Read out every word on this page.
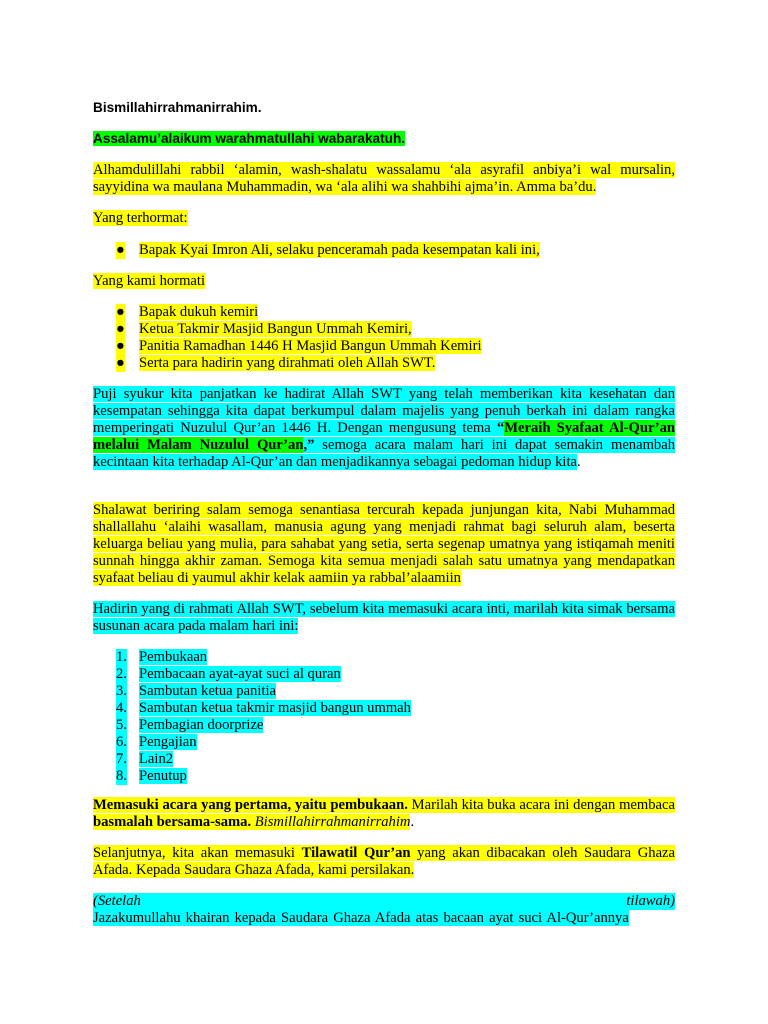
Bismillahirrahmanirrahim.
Assalamu’alaikum warahmatullahi wabarakatuh.
Alhamdulillahi rabbil ‘alamin, wash-shalatu wassalamu ‘ala asyrafil anbiya’i wal mursalin, sayyidina wa maulana Muhammadin, wa ‘ala alihi wa shahbihi ajma’in. Amma ba’du.
Yang terhormat:
● Bapak Kyai Imron Ali, selaku penceramah pada kesempatan kali ini,
Yang kami hormati
● Bapak dukuh kemiri
● Ketua Takmir Masjid Bangun Ummah Kemiri,
● Panitia Ramadhan 1446 H Masjid Bangun Ummah Kemiri
● Serta para hadirin yang dirahmati oleh Allah SWT.
Puji syukur kita panjatkan ke hadirat Allah SWT yang telah memberikan kita kesehatan dan kesempatan sehingga kita dapat berkumpul dalam majelis yang penuh berkah ini dalam rangka memperingati Nuzulul Qur’an 1446 H. Dengan mengusung tema “Meraih Syafaat Al-Qur’an melalui Malam Nuzulul Qur’an,” semoga acara malam hari ini dapat semakin menambah kecintaan kita terhadap Al-Qur’an dan menjadikannya sebagai pedoman hidup kita.
Shalawat beriring salam semoga senantiasa tercurah kepada junjungan kita, Nabi Muhammad shallallahu ‘alaihi wasallam, manusia agung yang menjadi rahmat bagi seluruh alam, beserta keluarga beliau yang mulia, para sahabat yang setia, serta segenap umatnya yang istiqamah meniti sunnah hingga akhir zaman. Semoga kita semua menjadi salah satu umatnya yang mendapatkan syafaat beliau di yaumul akhir kelak aamiin ya rabbal’alaamiin
Hadirin yang di rahmati Allah SWT, sebelum kita memasuki acara inti, marilah kita simak bersama susunan acara pada malam hari ini:
1. Pembukaan
2. Pembacaan ayat-ayat suci al quran
3. Sambutan ketua panitia
4. Sambutan ketua takmir masjid bangun ummah
5. Pembagian doorprize
6. Pengajian
7. Lain2
8. Penutup
Memasuki acara yang pertama, yaitu pembukaan. Marilah kita buka acara ini dengan membaca basmalah bersama-sama. Bismillahirrahmanirrahim.
Selanjutnya, kita akan memasuki Tilawatil Qur’an yang akan dibacakan oleh Saudara Ghaza Afada. Kepada Saudara Ghaza Afada, kami persilakan.
(Setelah	tilawah)
Jazakumullahu khairan kepada Saudara Ghaza Afada atas bacaan ayat suci Al-Qur’annya
